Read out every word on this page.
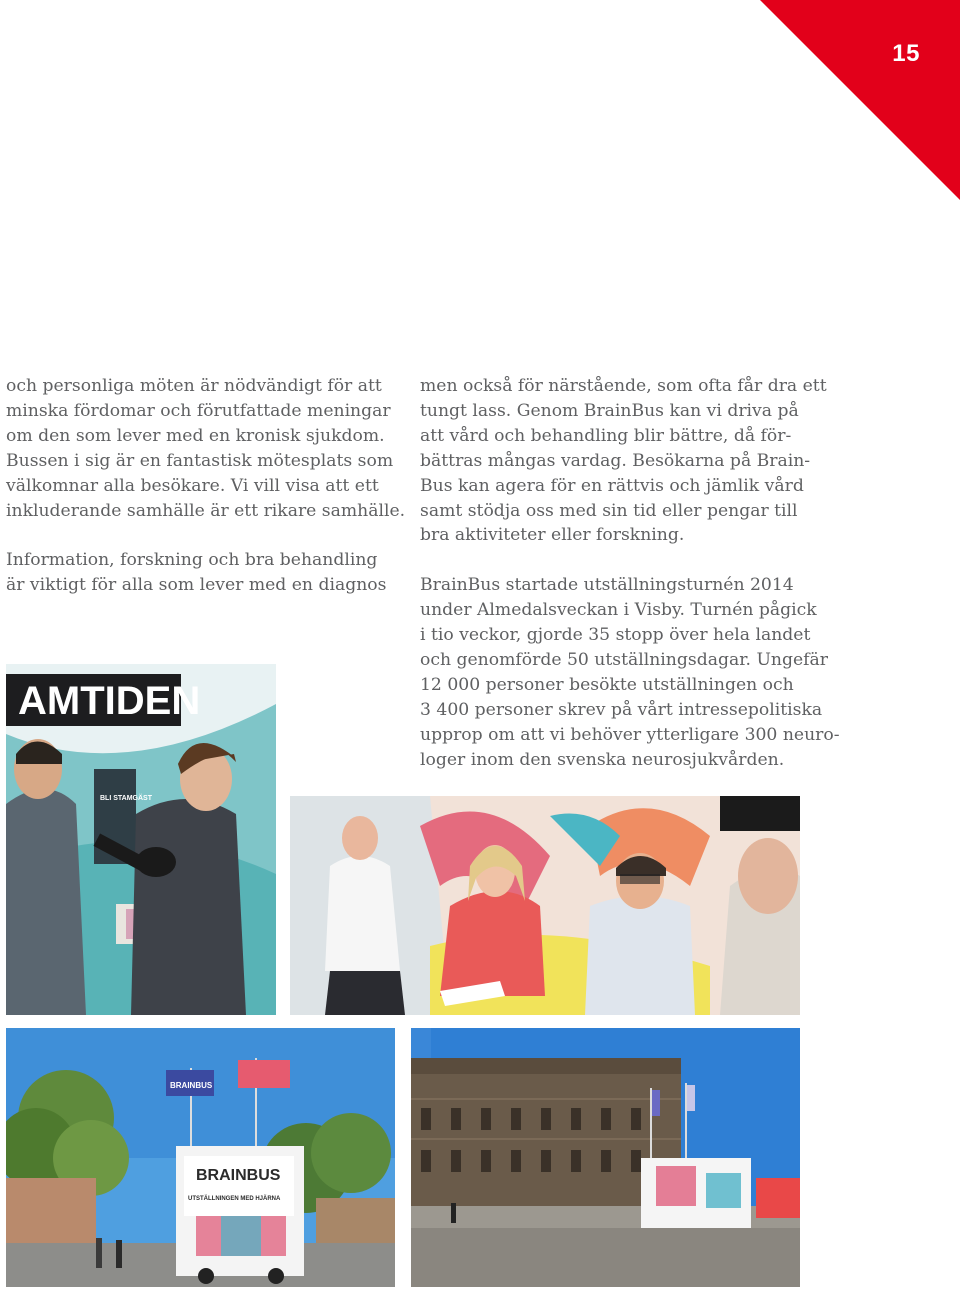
15

och personliga möten är nödvändigt för att
minska fördomar och förutfattade meningar
om den som lever med en kronisk sjukdom.
Bussen i sig är en fantastisk mötesplats som
välkomnar alla besökare. Vi vill visa att ett
inkluderande samhälle är ett rikare samhälle.

Information, forskning och bra behandling
är viktigt för alla som lever med en diagnos

men också för närstående, som ofta får dra ett
tungt lass. Genom BrainBus kan vi driva på
att vård och behandling blir bättre, då för-
bättras mångas vardag. Besökarna på Brain-
Bus kan agera för en rättvis och jämlik vård
samt stödja oss med sin tid eller pengar till
bra aktiviteter eller forskning.

BrainBus startade utställningsturnén 2014
under Almedalsveckan i Visby. Turnén pågick
i tio veckor, gjorde 35 stopp över hela landet
och genomförde 50 utställningsdagar. Ungefär
12 000 personer besökte utställningen och
3 400 personer skrev på vårt intressepolitiska
upprop om att vi behöver ytterligare 300 neuro-
loger inom den svenska neurosjukvården.

AMTIDEN
BLI STAMGÄST
BRAINBUS
BRAINBUS
UTSTÄLLNINGEN MED HJÄRNA
